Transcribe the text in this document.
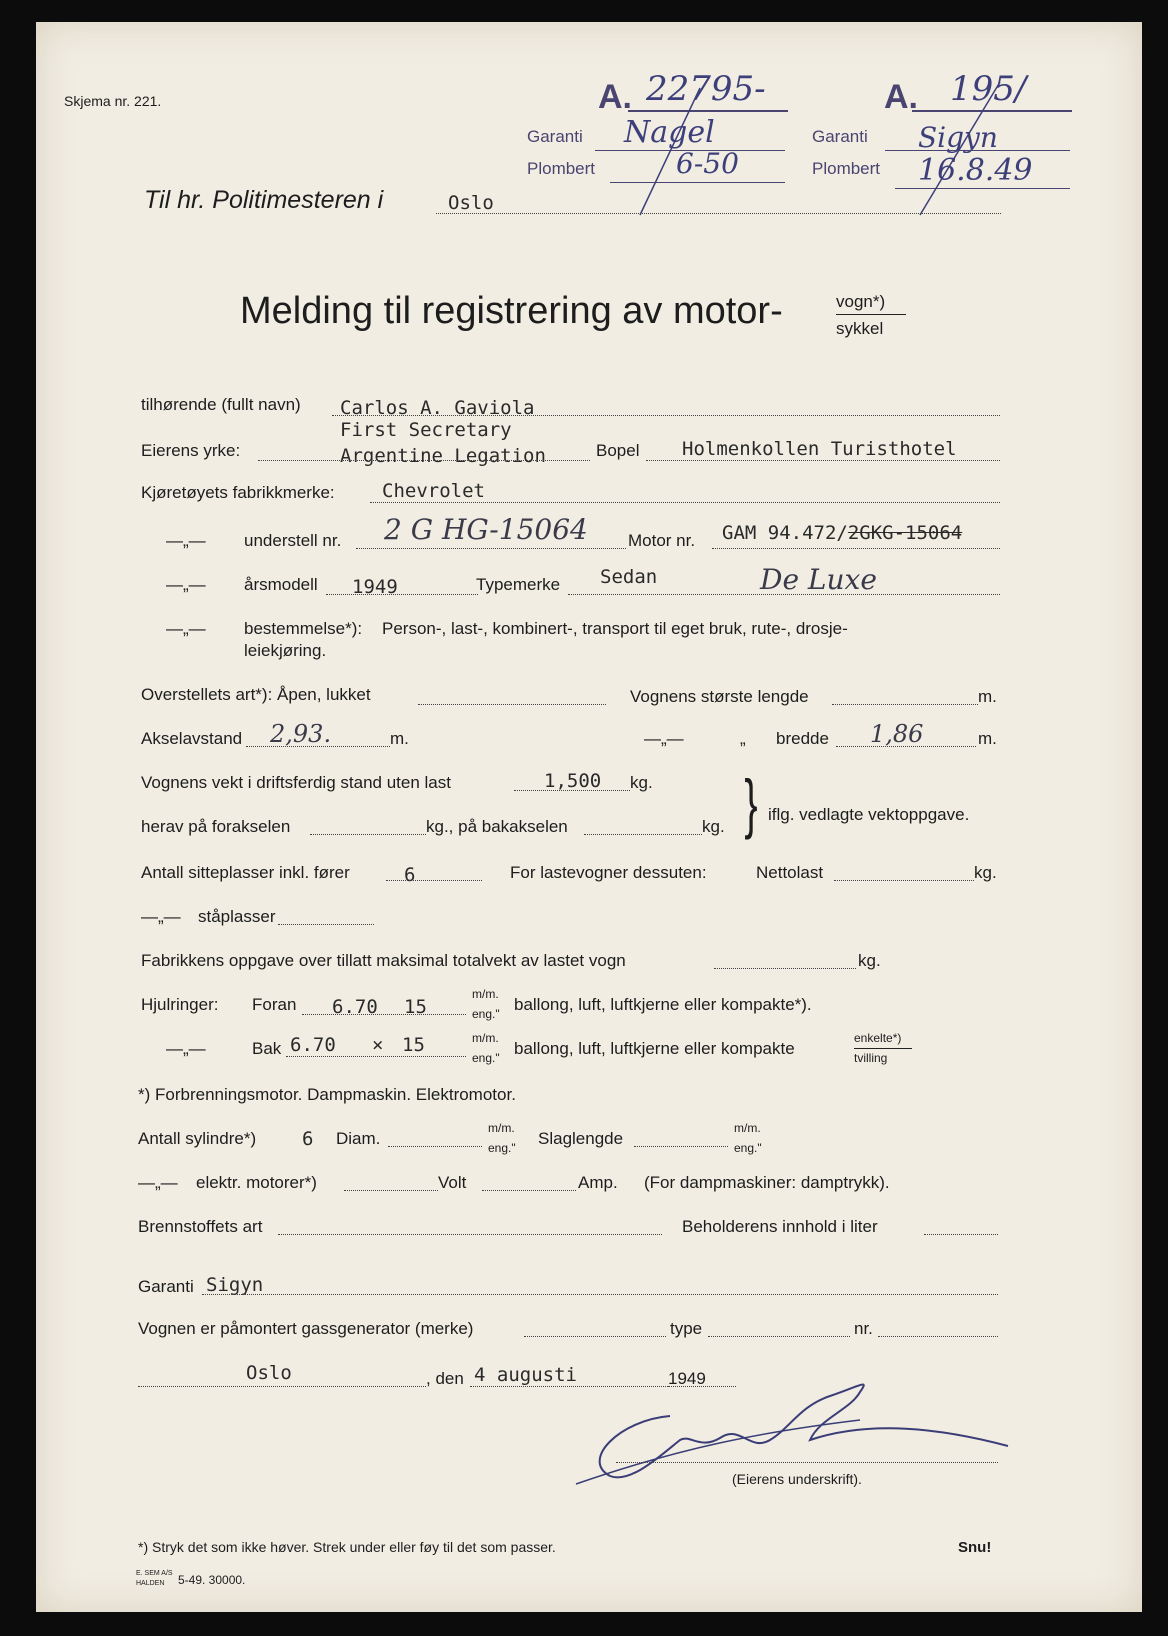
Skjema nr. 221.	A. 22795-
Garanti Nagel
Plombert	6-50
A. 195/
Garanti Sigyn
Plombert 16.8.49
Til hr. Politimesteren i	Oslo
Melding til registrering av motor-	vogn*)
sykkel
tilhørende (fullt navn) Carlos A. Gaviola
Eierens yrke:
First Secretary
Argentine Legation	Bopel Holmenkollen Turisthotel
Kjøretøyets fabrikkmerke: Chevrolet
—„— understell nr. 2 G HG-15064 Motor nr. GAM 94.472/2GKG-15064
—„— årsmodell 1949	Typemerke Sedan	De Luxe
—„— bestemmelse*): Person-, last-, kombinert-, transport til eget bruk, rute-, drosje-
leiekjøring.
Overstellets art*): Åpen, lukket	Vognens største lengde	m.
Akselavstand 2,93.	m.	—„—	„ bredde 1,86	m.
Vognens vekt i driftsferdig stand uten last	1,500 kg.
herav på forakselen	kg., på bakakselen	kg. } iflg. vedlagte vektoppgave.
Antall sitteplasser inkl. fører	6	For lastevogner dessuten:	Nettolast	kg.
—„— ståplasser
Fabrikkens oppgave over tillatt maksimal totalvekt av lastet vogn	kg.
Hjulringer: Foran 6.70 15
m/m.
eng." ballong, luft, luftkjerne eller kompakte*).
—„—	Bak 6.70 × 15	m/m.
eng." ballong, luft, luftkjerne eller kompakte
enkelte*)
tvilling
*) Forbrenningsmotor. Dampmaskin. Elektromotor.
Antall sylindre*) 6 Diam.
m/m.
eng." Slaglengde
m/m.
eng."
—„— elektr. motorer*)	Volt	Amp. (For dampmaskiner: damptrykk).
Brennstoffets art	Beholderens innhold i liter
Garanti Sigyn
Vognen er påmontert gassgenerator (merke)	type	nr.
Oslo	, den 4 augusti	1949
(Eierens underskrift).
*) Stryk det som ikke høver. Strek under eller føy til det som passer.	Snu!
E. SEM A/S
HALDEN 5-49. 30000.
